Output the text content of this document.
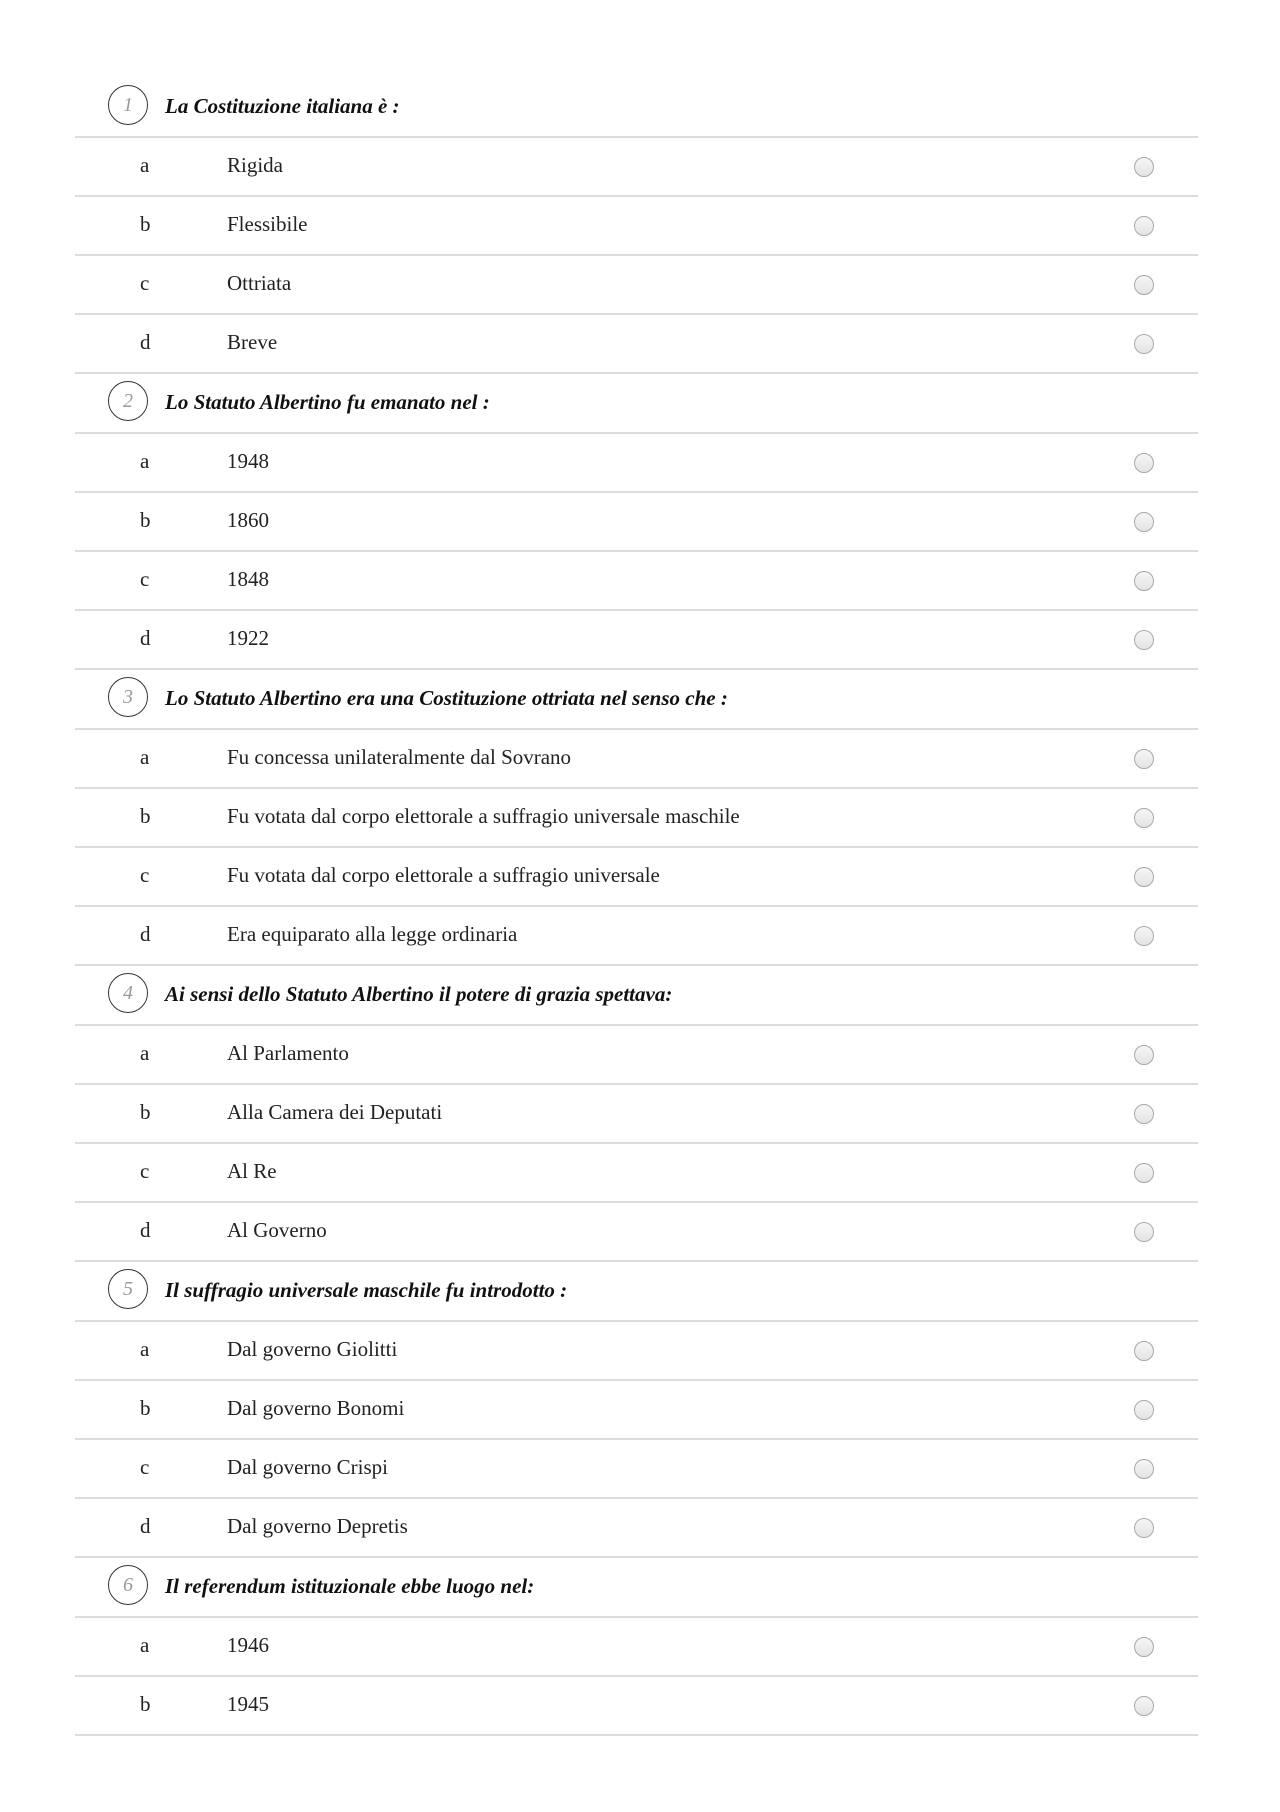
1	La Costituzione italiana è :
a	Rigida
b	Flessibile
c	Ottriata
d	Breve
2	Lo Statuto Albertino fu emanato nel :
a	1948
b	1860
c	1848
d	1922
3	Lo Statuto Albertino era una Costituzione ottriata nel senso che :
a	Fu concessa unilateralmente dal Sovrano
b	Fu votata dal corpo elettorale a suffragio universale maschile
c	Fu votata dal corpo elettorale a suffragio universale
d	Era equiparato alla legge ordinaria
4	Ai sensi dello Statuto Albertino il potere di grazia spettava:
a	Al Parlamento
b	Alla Camera dei Deputati
c	Al Re
d	Al Governo
5	Il suffragio universale maschile fu introdotto :
a	Dal governo Giolitti
b	Dal governo Bonomi
c	Dal governo Crispi
d	Dal governo Depretis
6	Il referendum istituzionale ebbe luogo nel:
a	1946
b	1945
